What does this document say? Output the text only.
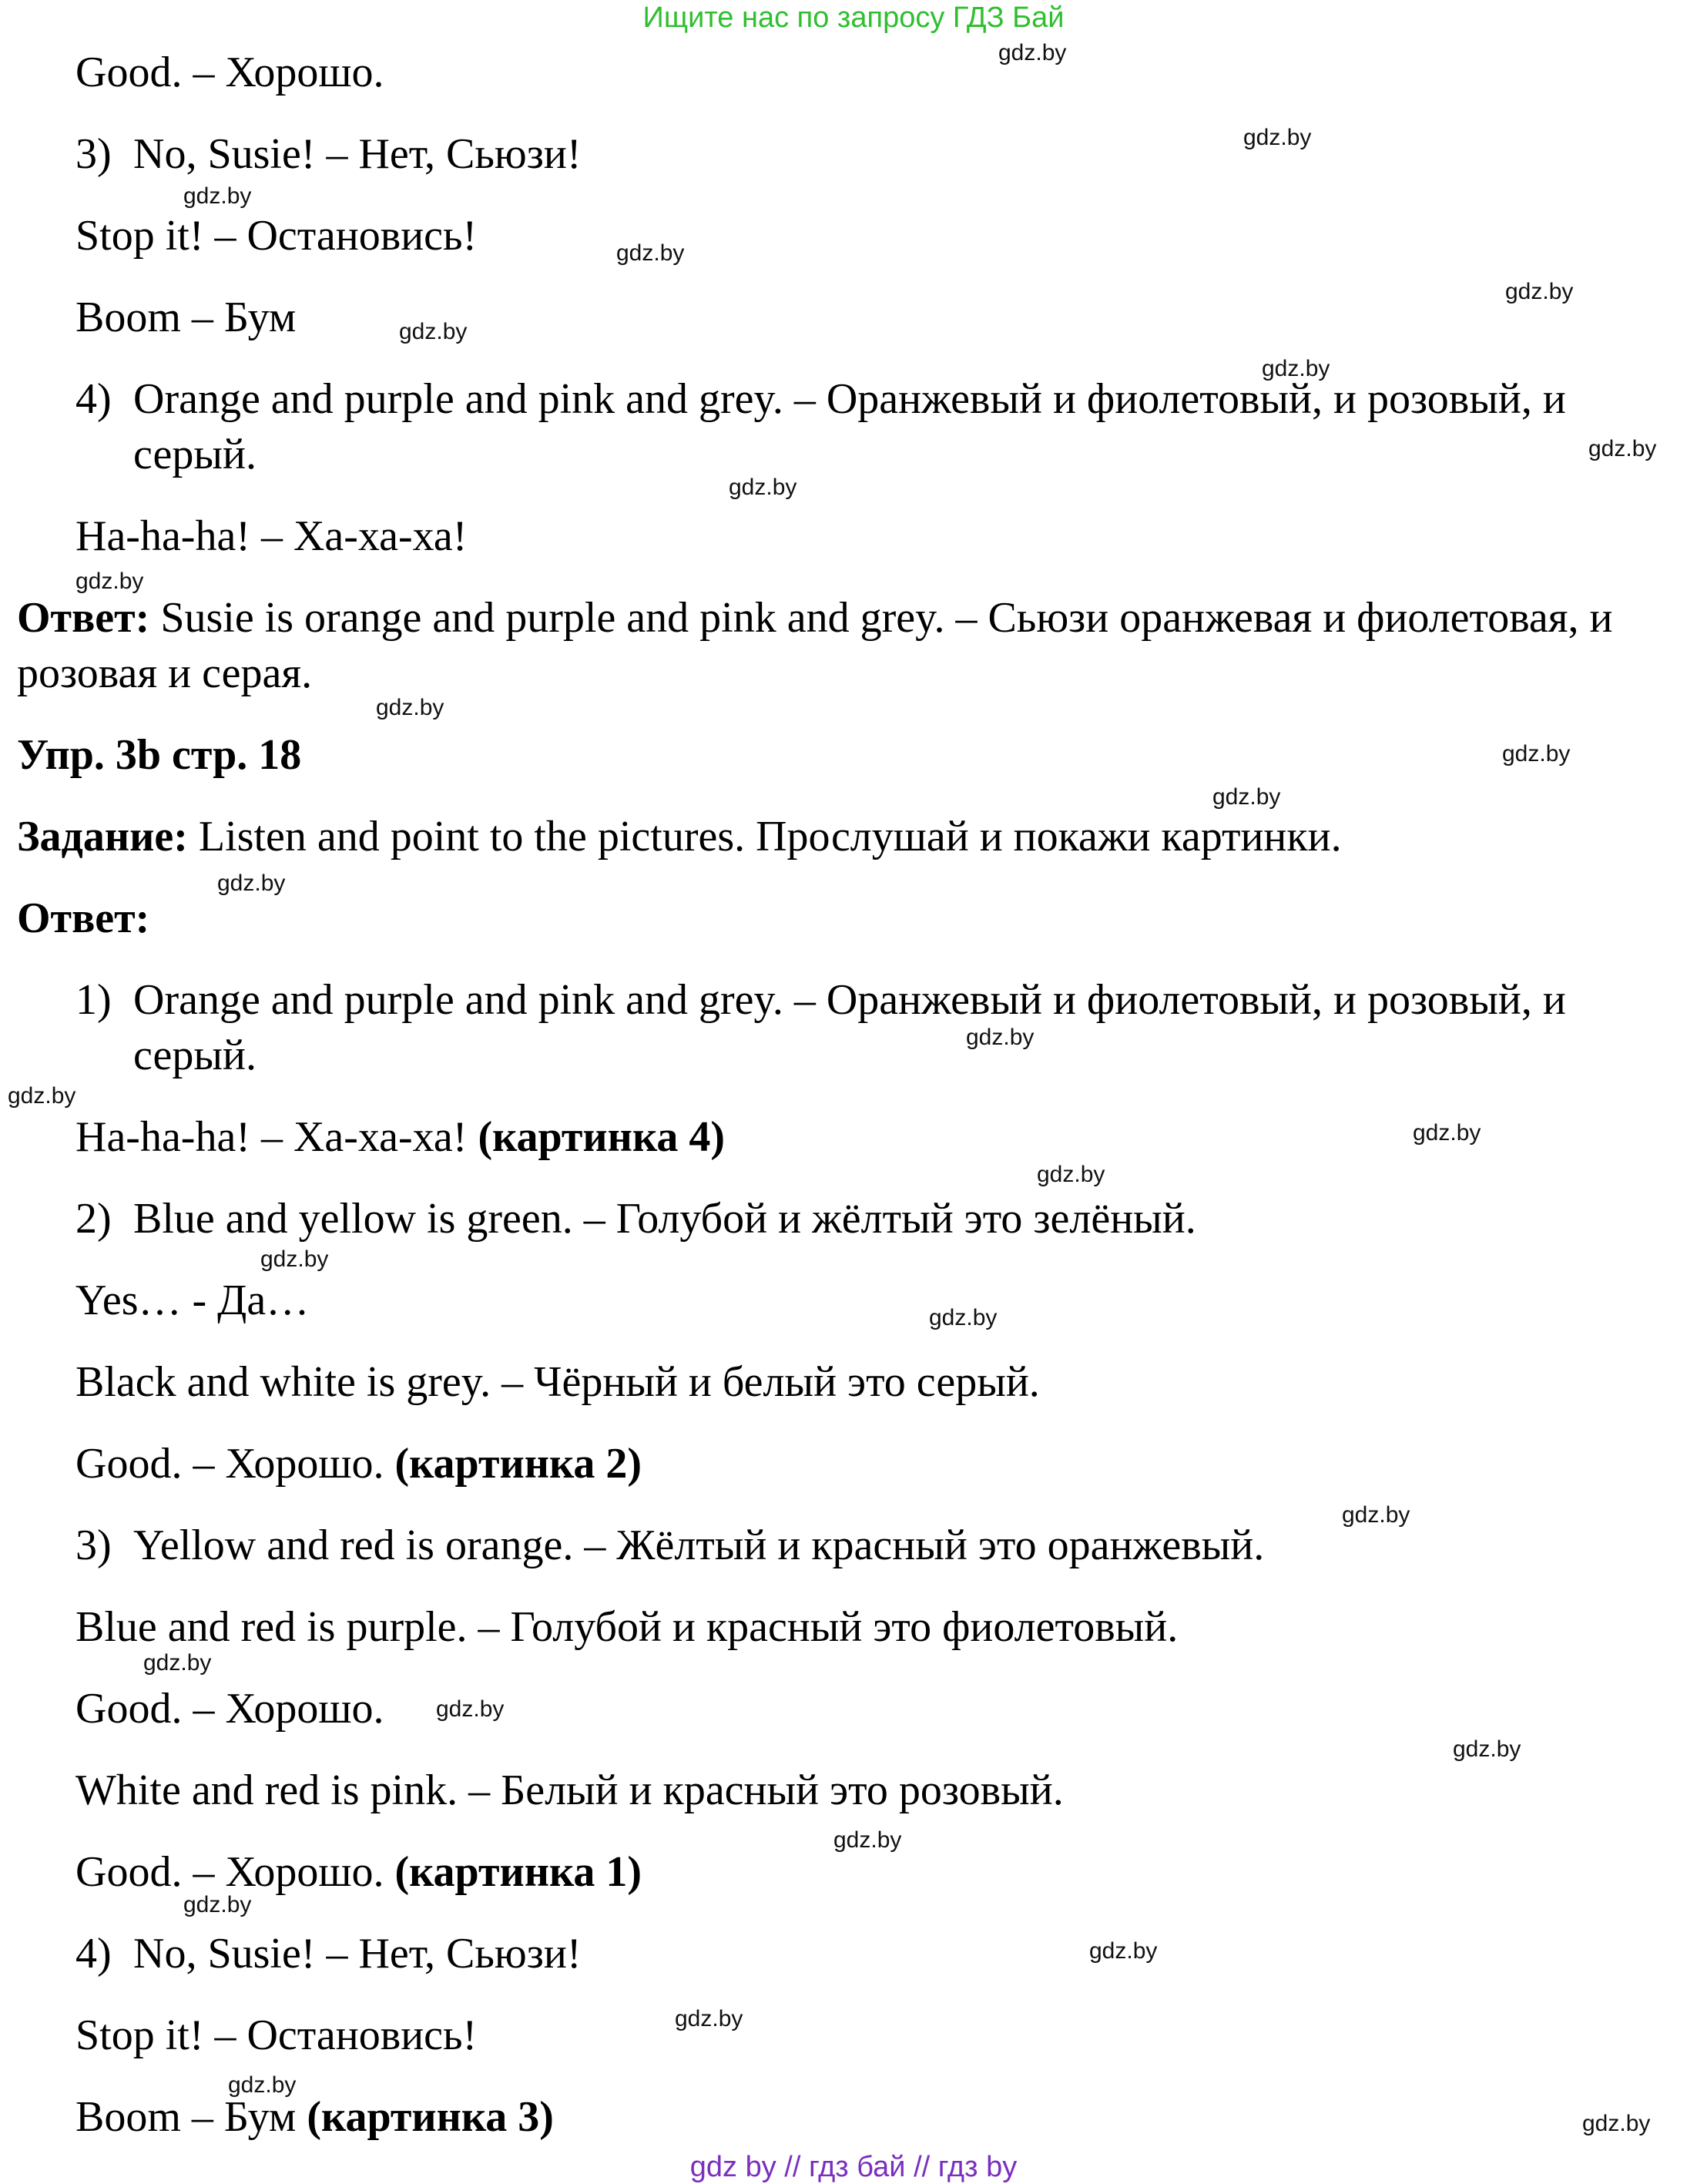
Ищите нас по запросу ГДЗ Бай
Good. – Хорошо.
3) No, Susie! – Нет, Сьюзи!
Stop it! – Остановись!
Boom – Бум
4) Orange and purple and pink and grey. – Оранжевый и фиолетовый, и розовый, и
серый.
Ha-ha-ha! – Ха-ха-ха!
Ответ: Susie is orange and purple and pink and grey. – Сьюзи оранжевая и фиолетовая, и
розовая и серая.
Упр. 3b стр. 18
Задание: Listen and point to the pictures. Прослушай и покажи картинки.
Ответ:
1) Orange and purple and pink and grey. – Оранжевый и фиолетовый, и розовый, и
серый.
Ha-ha-ha! – Ха-ха-ха! (картинка 4)
2) Blue and yellow is green. – Голубой и жёлтый это зелёный.
Yes… - Да…
Black and white is grey. – Чёрный и белый это серый.
Good. – Хорошо. (картинка 2)
3) Yellow and red is orange. – Жёлтый и красный это оранжевый.
Blue and red is purple. – Голубой и красный это фиолетовый.
Good. – Хорошо.
White and red is pink. – Белый и красный это розовый.
Good. – Хорошо. (картинка 1)
4) No, Susie! – Нет, Сьюзи!
Stop it! – Остановись!
Boom – Бум (картинка 3)
gdz.by
gdz.by
gdz.by
gdz.by
gdz.by
gdz.by
gdz.by
gdz.by
gdz.by
gdz.by
gdz.by
gdz.by
gdz.by
gdz.by
gdz.by
gdz.by
gdz.by
gdz.by
gdz.by
gdz.by
gdz.by
gdz.by
gdz.by
gdz.by
gdz.by
gdz.by
gdz.by
gdz.by
gdz.by
gdz.by
gdz by // гдз бай // гдз by
